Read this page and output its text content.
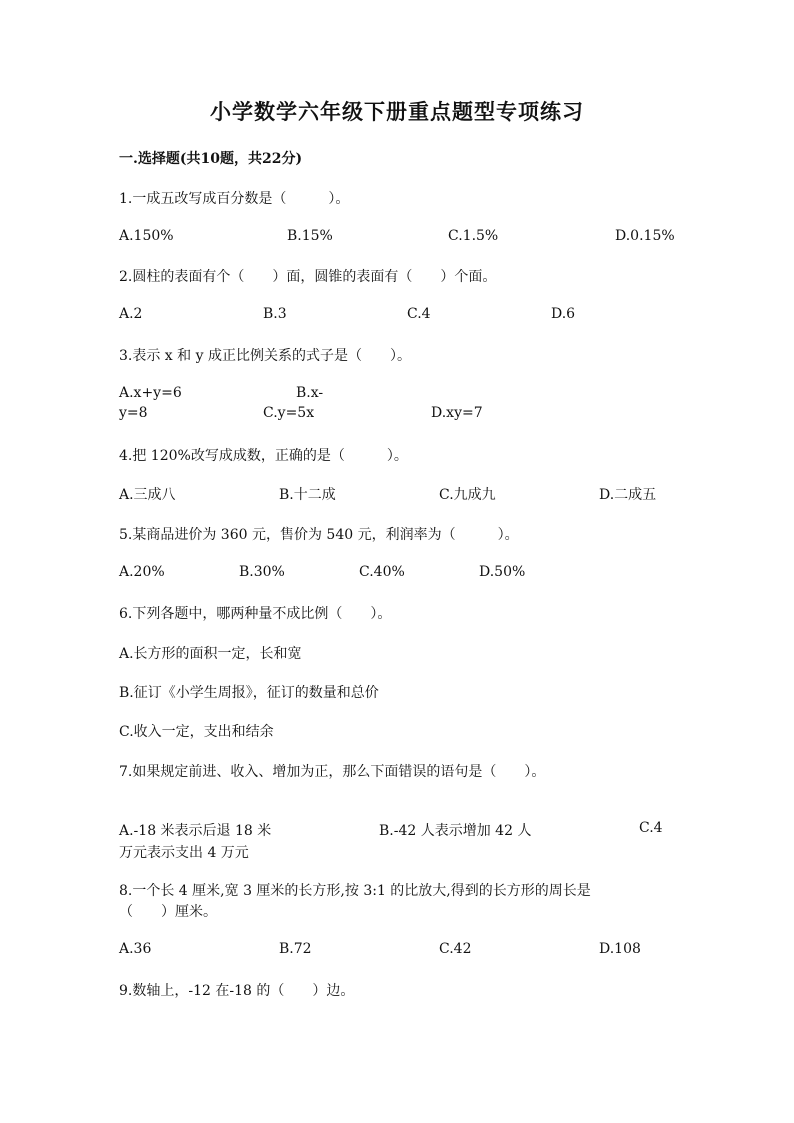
小学数学六年级下册重点题型专项练习
一.选择题(共10题，共22分)
1.一成五改写成百分数是（　　　）。
A.150%	B.15%	C.1.5%	D.0.15%
2.圆柱的表面有个（　　）面，圆锥的表面有（　　）个面。
A.2	B.3	C.4	D.6
3.表示 x 和 y 成正比例关系的式子是（　　）。
A.x+y=6	B.x-
y=8	C.y=5x	D.xy=7
4.把 120%改写成成数，正确的是（　　　）。
A.三成八	B.十二成	C.九成九	D.二成五
5.某商品进价为 360 元，售价为 540 元，利润率为（　　　）。
A.20%	B.30%	C.40%	D.50%
6.下列各题中，哪两种量不成比例（　　）。
A.长方形的面积一定，长和宽
B.征订《小学生周报》，征订的数量和总价
C.收入一定，支出和结余
7.如果规定前进、收入、增加为正，那么下面错误的语句是（　　）。
A.-18 米表示后退 18 米	B.-42 人表示增加 42 人	C.4
万元表示支出 4 万元
8.一个长 4 厘米,宽 3 厘米的长方形,按 3:1 的比放大,得到的长方形的周长是
（　　）厘米。
A.36	B.72	C.42	D.108
9.数轴上，-12 在-18 的（　　）边。
